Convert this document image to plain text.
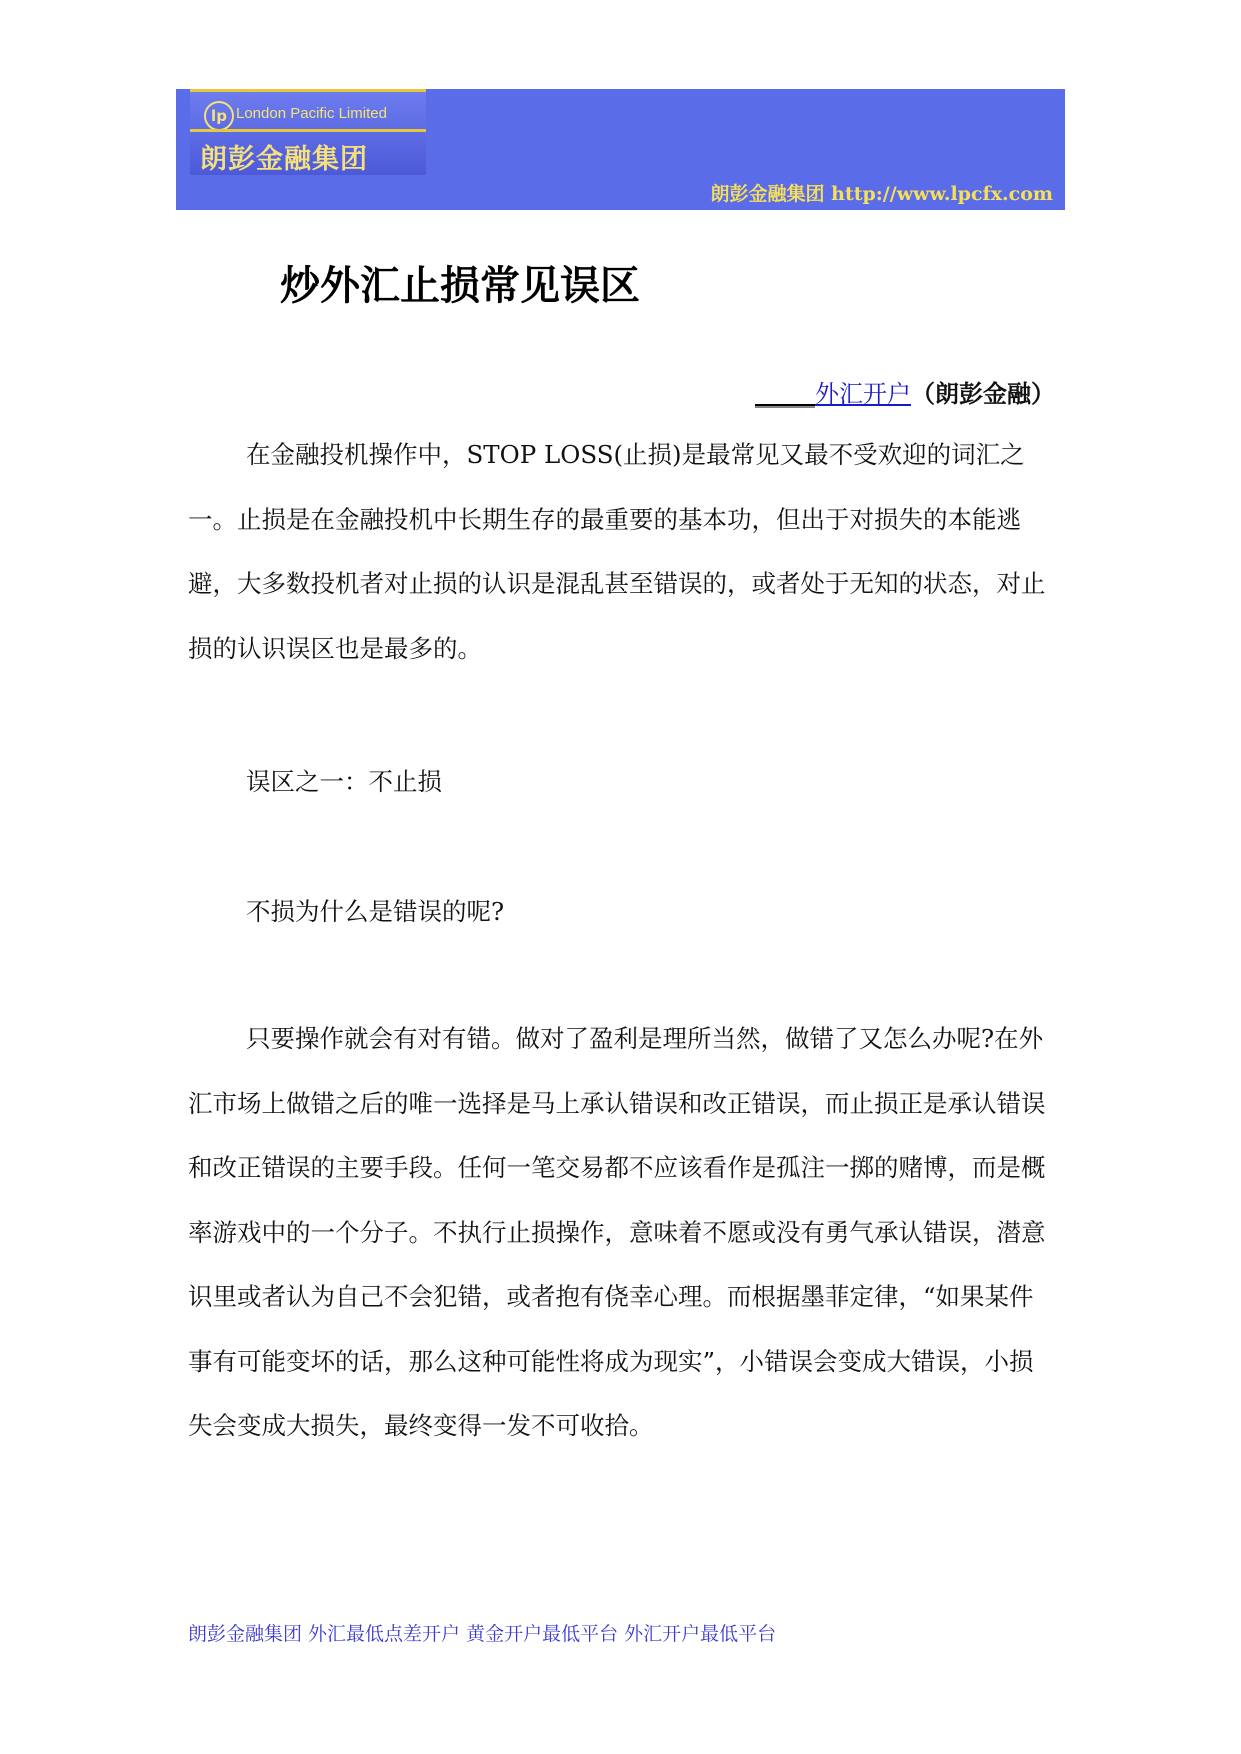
lp London Pacific Limited
朗彭金融集团
朗彭金融集团 http://www.lpcfx.com
炒外汇止损常见误区
_____外汇开户（朗彭金融）

在金融投机操作中，STOP LOSS(止损)是最常见又最不受欢迎的词汇之一。止损是在金融投机中长期生存的最重要的基本功，但出于对损失的本能逃避，大多数投机者对止损的认识是混乱甚至错误的，或者处于无知的状态，对止损的认识误区也是最多的。

误区之一：不止损
不损为什么是错误的呢?

只要操作就会有对有错。做对了盈利是理所当然，做错了又怎么办呢?在外汇市场上做错之后的唯一选择是马上承认错误和改正错误，而止损正是承认错误和改正错误的主要手段。任何一笔交易都不应该看作是孤注一掷的赌博，而是概率游戏中的一个分子。不执行止损操作，意味着不愿或没有勇气承认错误，潜意识里或者认为自己不会犯错，或者抱有侥幸心理。而根据墨菲定律，“如果某件事有可能变坏的话，那么这种可能性将成为现实”，小错误会变成大错误，小损失会变成大损失，最终变得一发不可收拾。

朗彭金融集团 外汇最低点差开户 黄金开户最低平台 外汇开户最低平台
